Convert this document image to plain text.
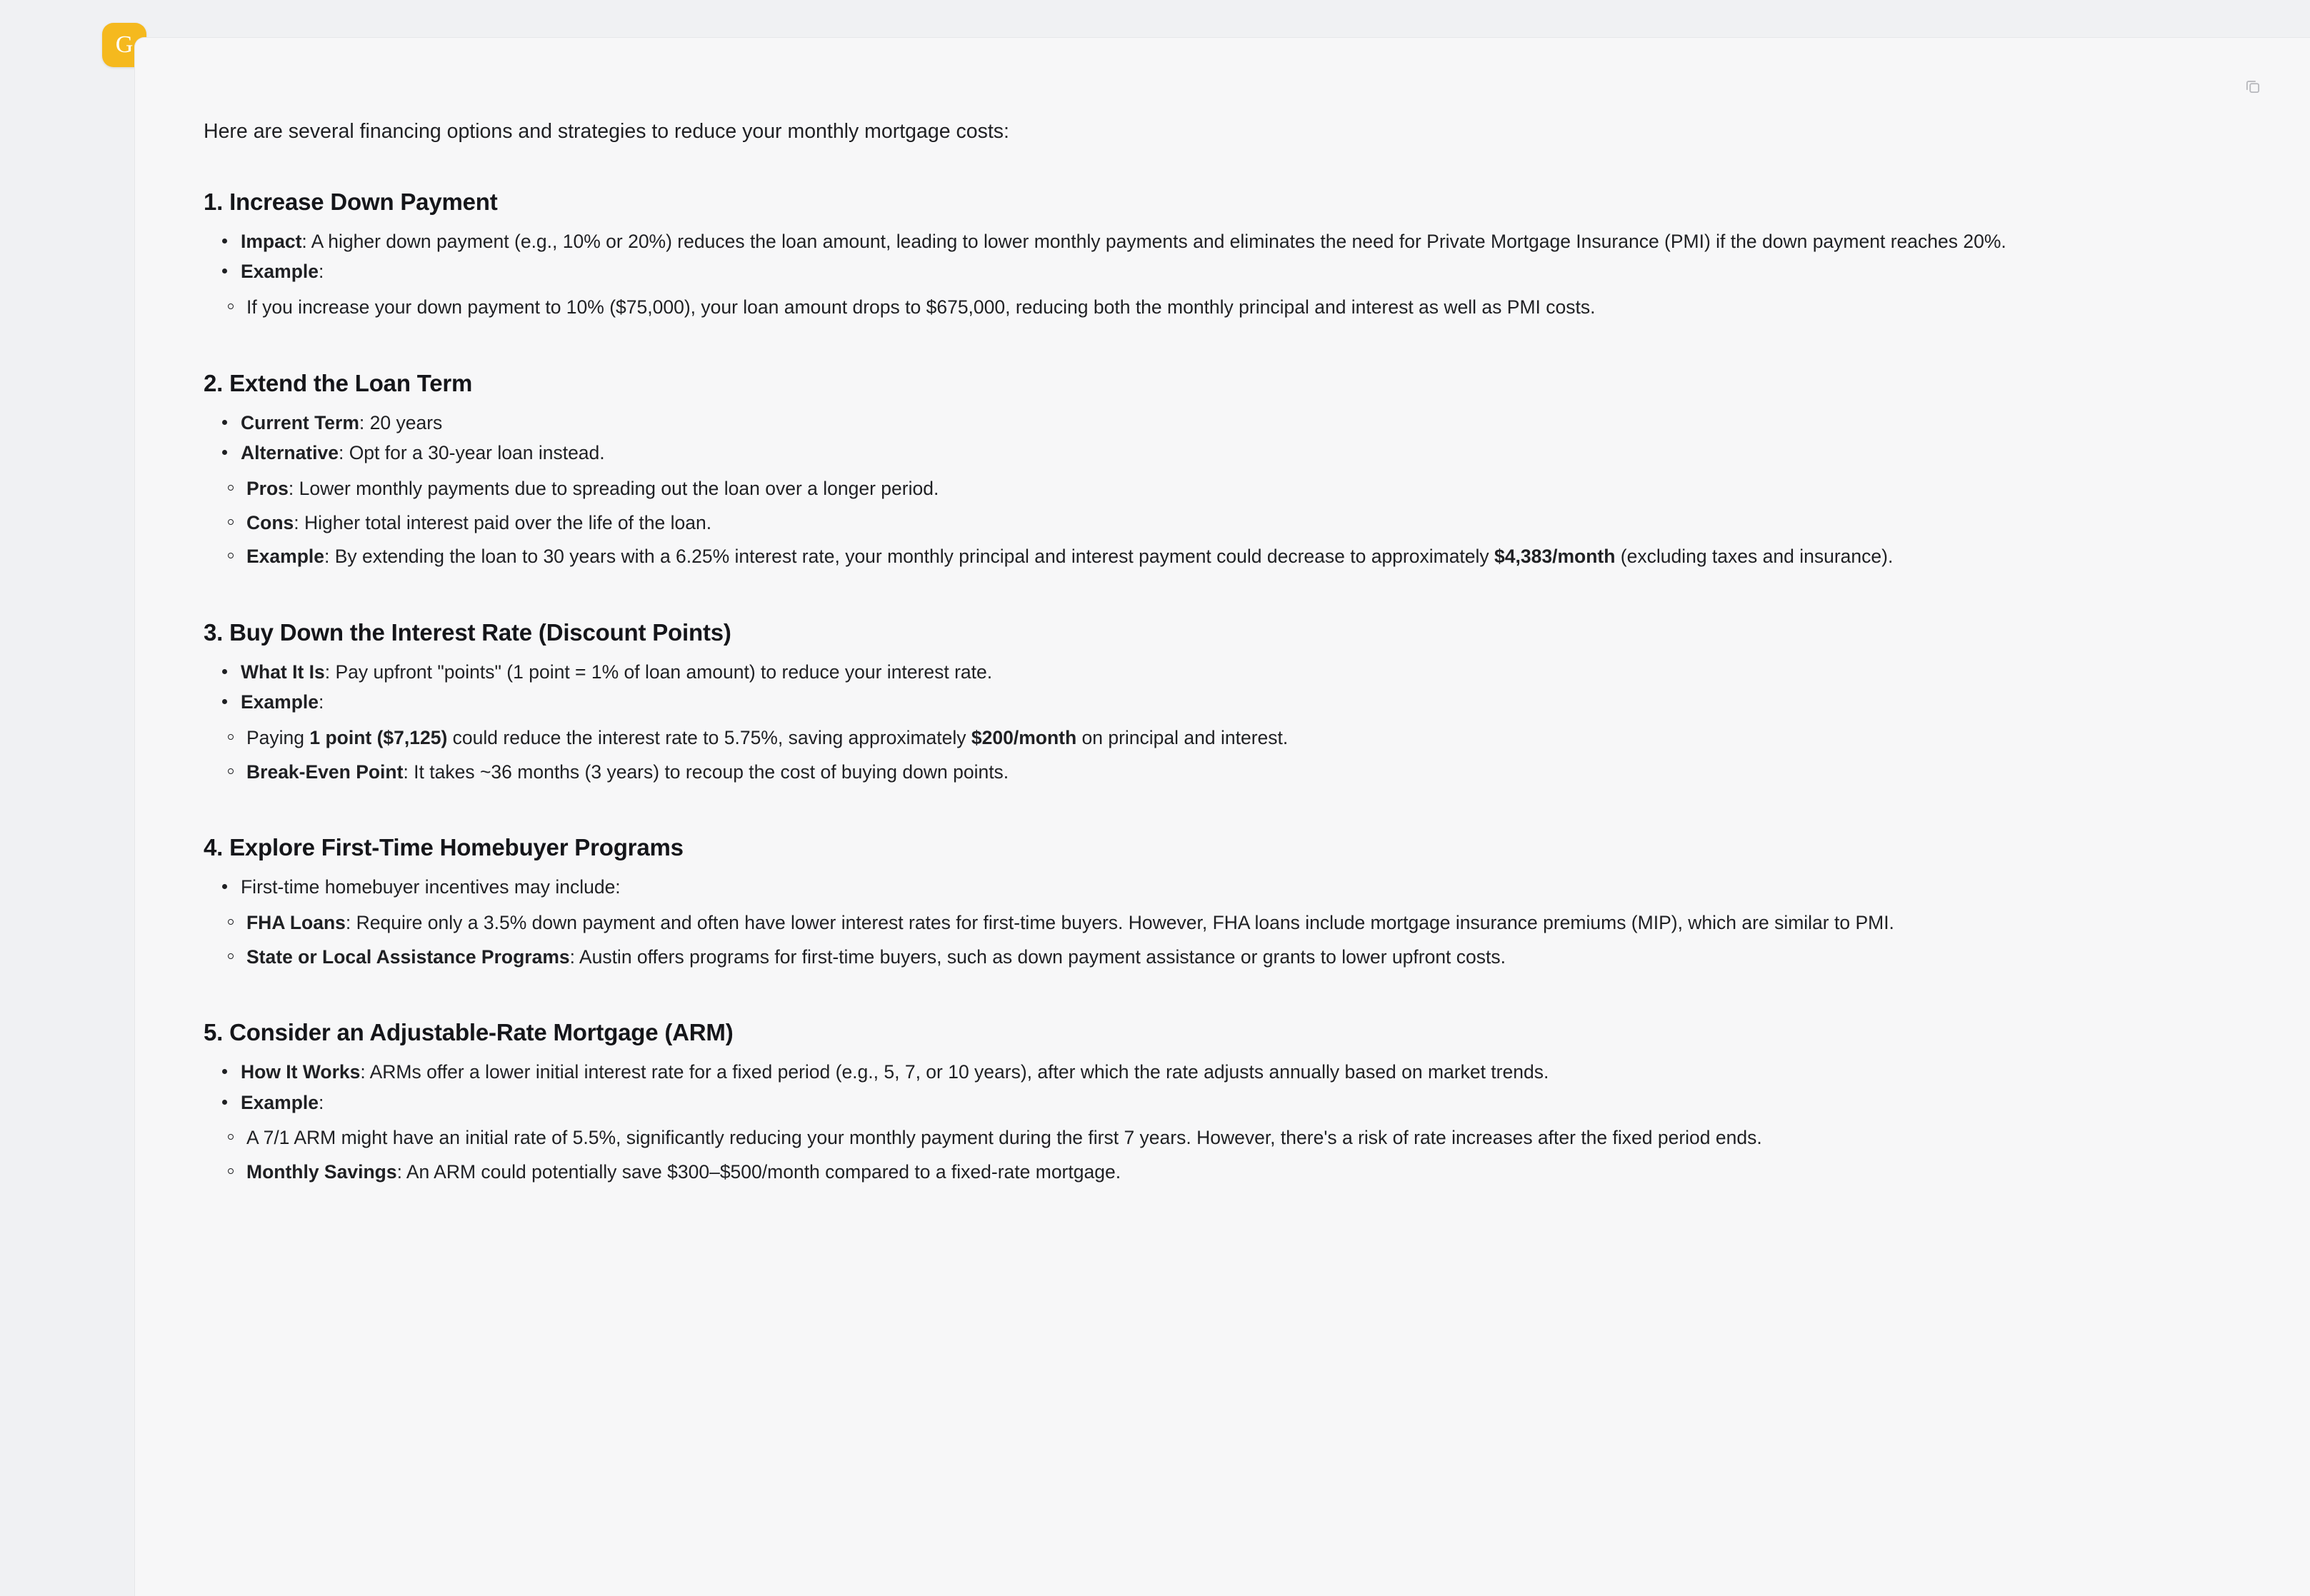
G

Here are several financing options and strategies to reduce your monthly mortgage costs:

1. Increase Down Payment
Impact: A higher down payment (e.g., 10% or 20%) reduces the loan amount, leading to lower monthly payments and eliminates the need for Private Mortgage Insurance (PMI) if the down payment reaches 20%.
Example:
If you increase your down payment to 10% ($75,000), your loan amount drops to $675,000, reducing both the monthly principal and interest as well as PMI costs.
2. Extend the Loan Term
Current Term: 20 years
Alternative: Opt for a 30-year loan instead.
Pros: Lower monthly payments due to spreading out the loan over a longer period.
Cons: Higher total interest paid over the life of the loan.
Example: By extending the loan to 30 years with a 6.25% interest rate, your monthly principal and interest payment could decrease to approximately $4,383/month (excluding taxes and insurance).
3. Buy Down the Interest Rate (Discount Points)
What It Is: Pay upfront "points" (1 point = 1% of loan amount) to reduce your interest rate.
Example:
Paying 1 point ($7,125) could reduce the interest rate to 5.75%, saving approximately $200/month on principal and interest.
Break-Even Point: It takes ~36 months (3 years) to recoup the cost of buying down points.
4. Explore First-Time Homebuyer Programs
First-time homebuyer incentives may include:
FHA Loans: Require only a 3.5% down payment and often have lower interest rates for first-time buyers. However, FHA loans include mortgage insurance premiums (MIP), which are similar to PMI.
State or Local Assistance Programs: Austin offers programs for first-time buyers, such as down payment assistance or grants to lower upfront costs.
5. Consider an Adjustable-Rate Mortgage (ARM)
How It Works: ARMs offer a lower initial interest rate for a fixed period (e.g., 5, 7, or 10 years), after which the rate adjusts annually based on market trends.
Example:
A 7/1 ARM might have an initial rate of 5.5%, significantly reducing your monthly payment during the first 7 years. However, there's a risk of rate increases after the fixed period ends.
Monthly Savings: An ARM could potentially save $300–$500/month compared to a fixed-rate mortgage.
